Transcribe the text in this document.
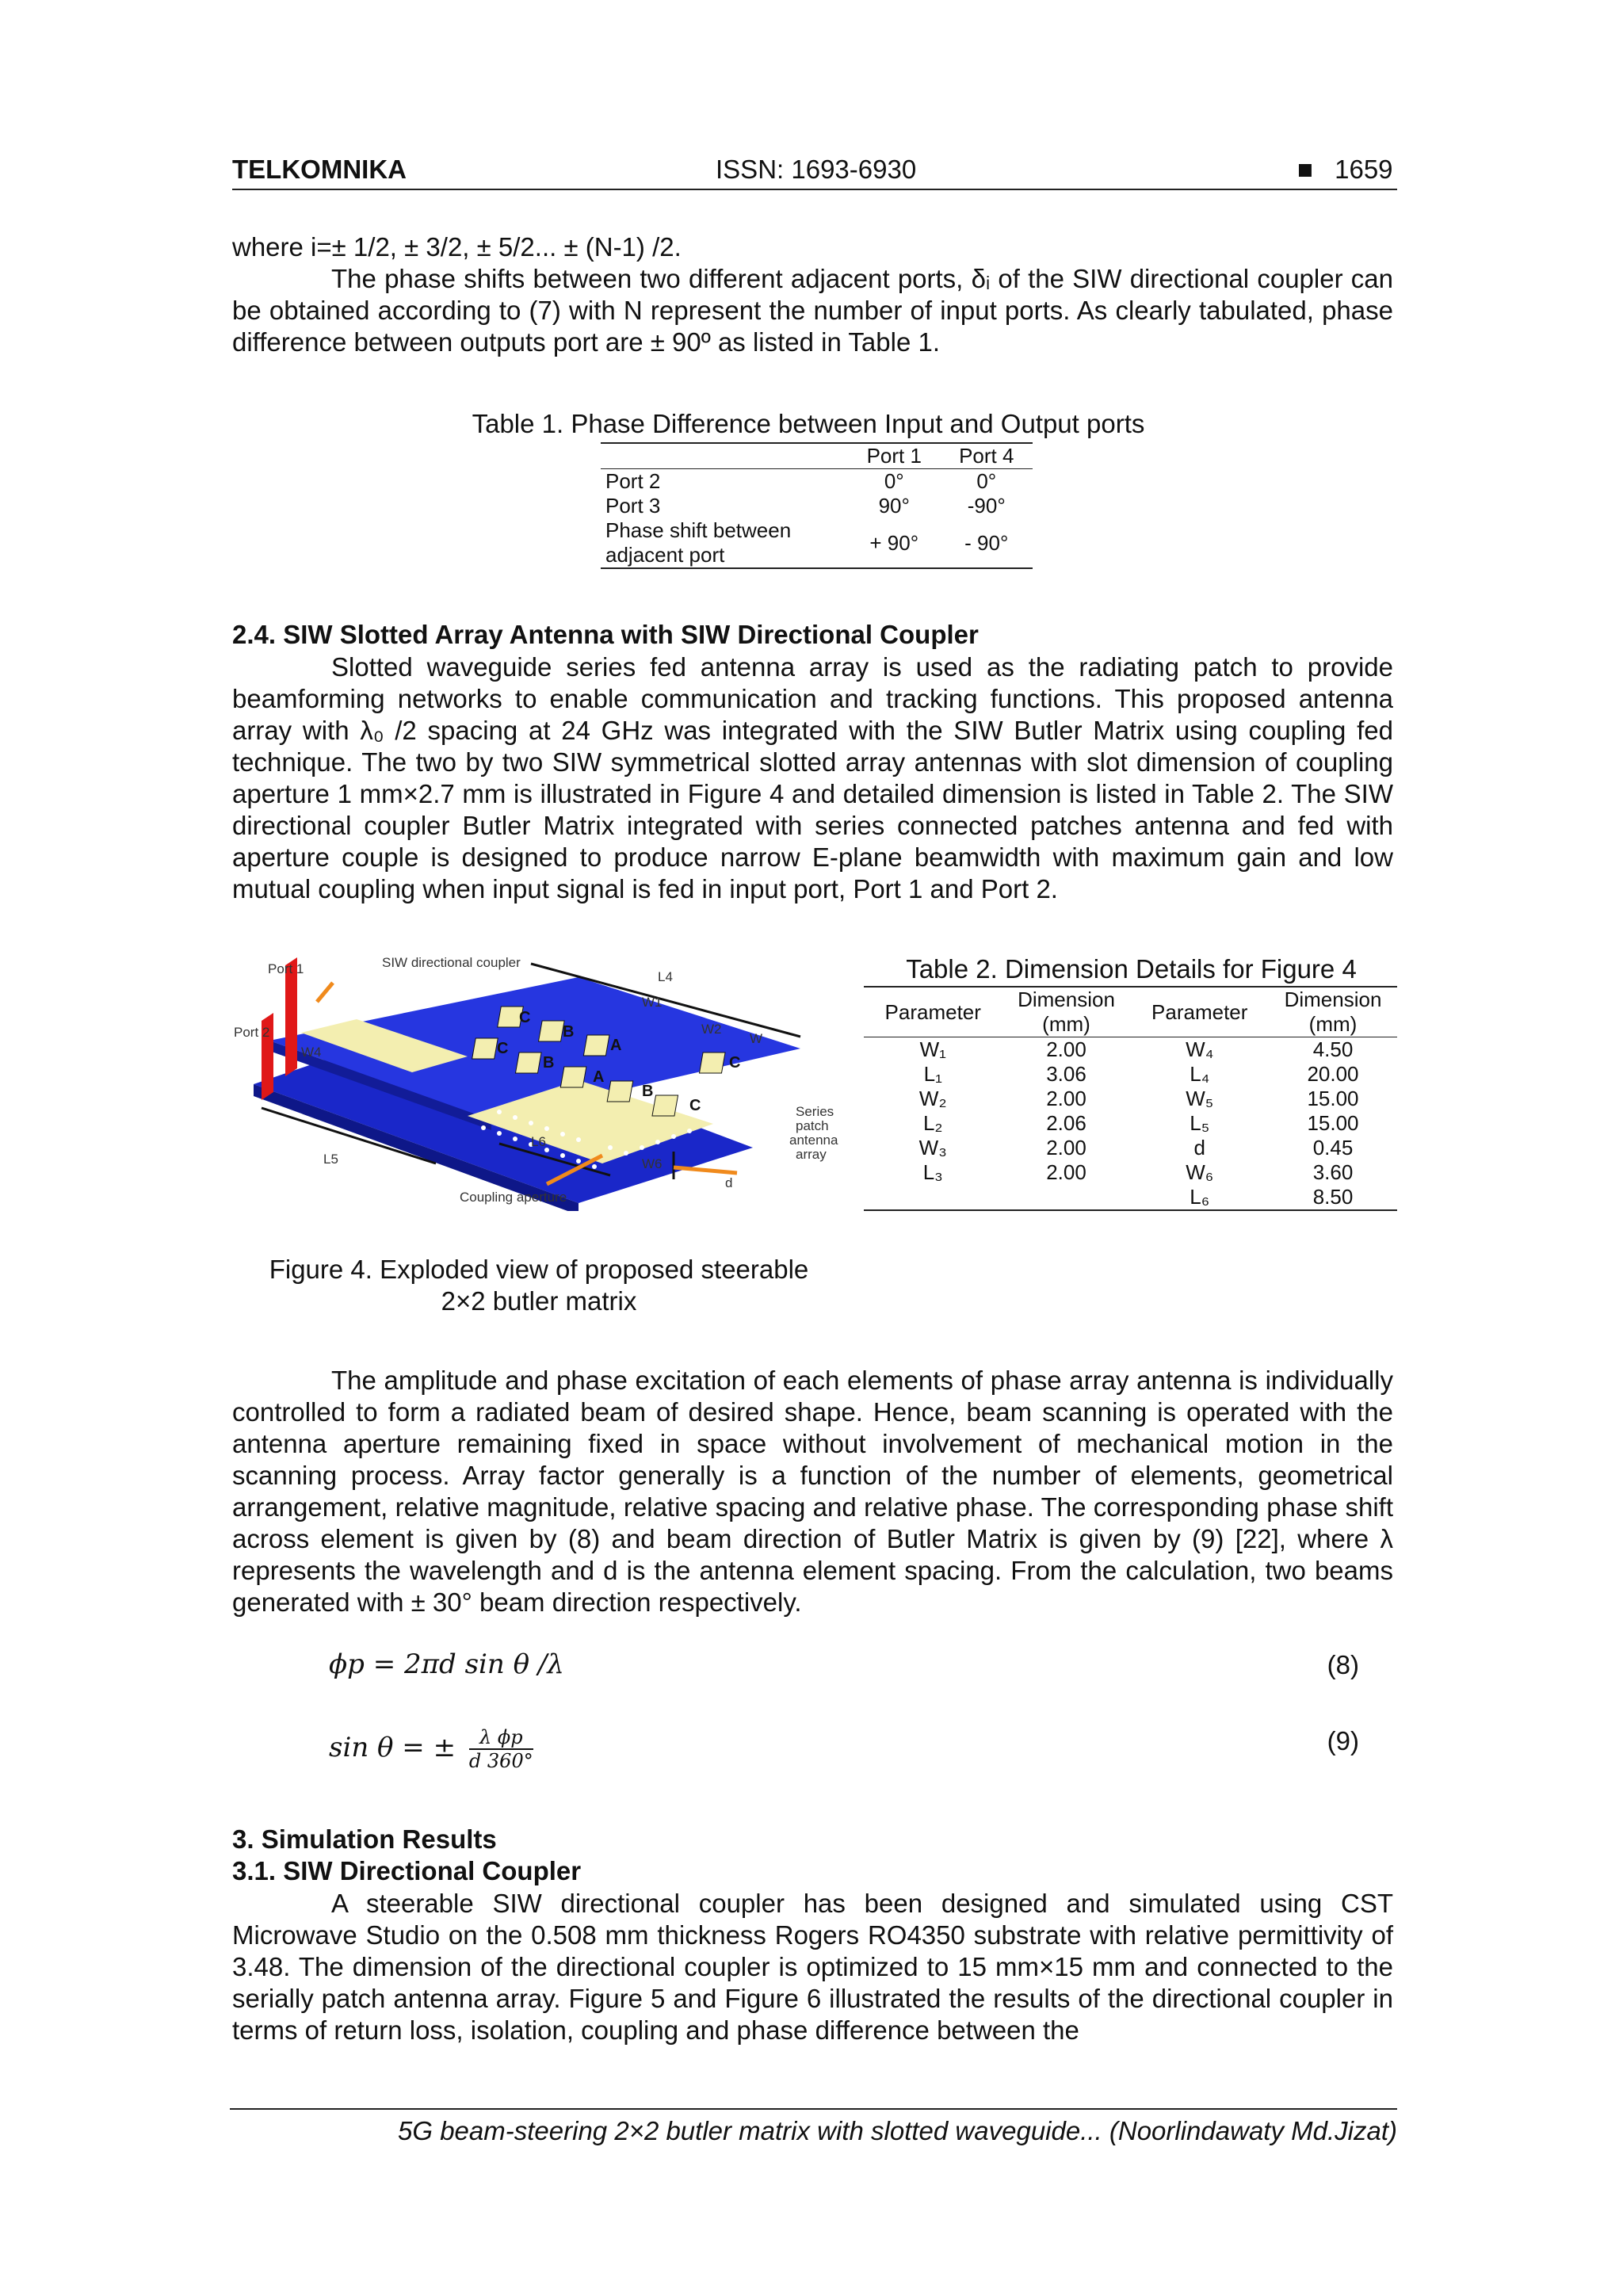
TELKOMNIKA	ISSN: 1693-6930	■ 1659

where i=± 1/2, ± 3/2, ± 5/2... ± (N-1) /2.

The phase shifts between two different adjacent ports, δᵢ of the SIW directional coupler can be obtained according to (7) with N represent the number of input ports. As clearly tabulated, phase difference between outputs port are ± 90º as listed in Table 1.

Table 1. Phase Difference between Input and Output ports
	Port 1	Port 4
Port 2	0°	0°
Port 3	90°	-90°
Phase shift between adjacent port	+ 90°	- 90°
2.4. SIW Slotted Array Antenna with SIW Directional Coupler

Slotted waveguide series fed antenna array is used as the radiating patch to provide beamforming networks to enable communication and tracking functions. This proposed antenna array with λ₀ /2 spacing at 24 GHz was integrated with the SIW Butler Matrix using coupling fed technique. The two by two SIW symmetrical slotted array antennas with slot dimension of coupling aperture 1 mm×2.7 mm is illustrated in Figure 4 and detailed dimension is listed in Table 2. The SIW directional coupler Butler Matrix integrated with series connected patches antenna and fed with aperture couple is designed to produce narrow E-plane beamwidth with maximum gain and low mutual coupling when input signal is fed in input port, Port 1 and Port 2.

C
B
A
C
B
A
B
C
C
Port 1
Port 2
SIW directional coupler
L4
W1
W2
W
W4
L6
L5	W6
d
Coupling aperture
Series
patch
antenna
array
Figure 4. Exploded view of proposed steerable
2×2 butler matrix
Table 2. Dimension Details for Figure 4
Parameter	Dimension (mm)	Parameter	Dimension (mm)
W₁	2.00	W₄	4.50
L₁	3.06	L₄	20.00
W₂	2.00	W₅	15.00
L₂	2.06	L₅	15.00
W₃	2.00	d	0.45
L₃	2.00	W₆	3.60
		L₆	8.50

The amplitude and phase excitation of each elements of phase array antenna is individually controlled to form a radiated beam of desired shape. Hence, beam scanning is operated with the antenna aperture remaining fixed in space without involvement of mechanical motion in the scanning process. Array factor generally is a function of the number of elements, geometrical arrangement, relative magnitude, relative spacing and relative phase. The corresponding phase shift across element is given by (8) and beam direction of Butler Matrix is given by (9) [22], where λ represents the wavelength and d is the antenna element spacing. From the calculation, two beams generated with ± 30° beam direction respectively.

ϕp = 2πd sin θ /λ	(8)
sin θ = ± $\frac{\text{λ ϕp}}{d 360^\circ}$	(9)
3. Simulation Results
3.1. SIW Directional Coupler

A steerable SIW directional coupler has been designed and simulated using CST Microwave Studio on the 0.508 mm thickness Rogers RO4350 substrate with relative permittivity of 3.48. The dimension of the directional coupler is optimized to 15 mm×15 mm and connected to the serially patch antenna array. Figure 5 and Figure 6 illustrated the results of the directional coupler in terms of return loss, isolation, coupling and phase difference between the

5G beam-steering 2×2 butler matrix with slotted waveguide... (Noorlindawaty Md.Jizat)
